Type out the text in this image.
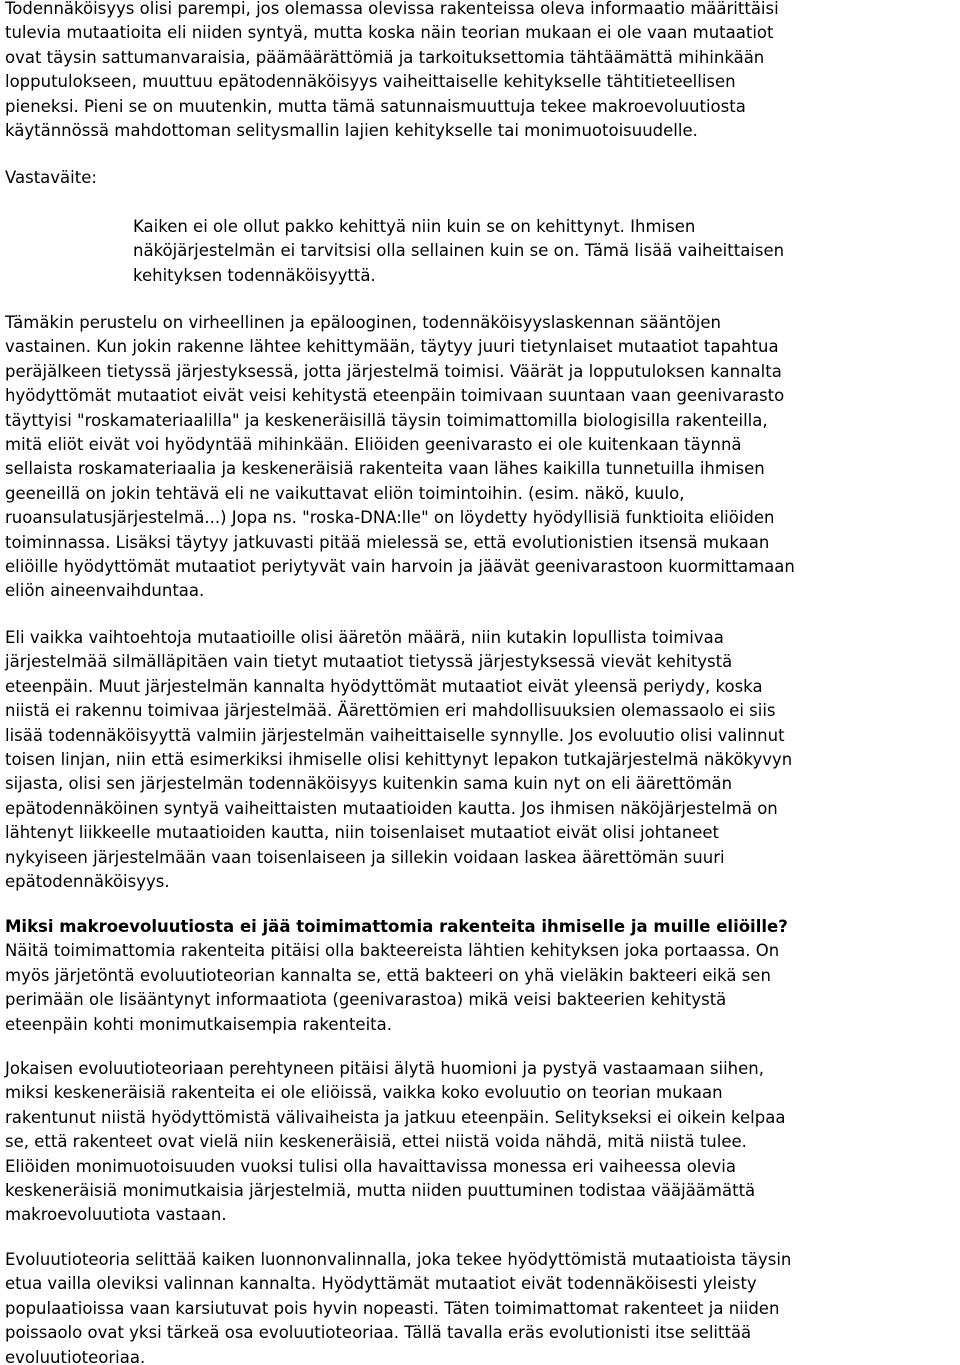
Todennäköisyys olisi parempi, jos olemassa olevissa rakenteissa oleva informaatio määrittäisi
tulevia mutaatioita eli niiden syntyä, mutta koska näin teorian mukaan ei ole vaan mutaatiot
ovat täysin sattumanvaraisia, päämäärättömiä ja tarkoituksettomia tähtäämättä mihinkään
lopputulokseen, muuttuu epätodennäköisyys vaiheittaiselle kehitykselle tähtitieteellisen
pieneksi. Pieni se on muutenkin, mutta tämä satunnaismuuttuja tekee makroevoluutiosta
käytännössä mahdottoman selitysmallin lajien kehitykselle tai monimuotoisuudelle.

Vastaväite:

Kaiken ei ole ollut pakko kehittyä niin kuin se on kehittynyt. Ihmisen
näköjärjestelmän ei tarvitsisi olla sellainen kuin se on. Tämä lisää vaiheittaisen
kehityksen todennäköisyyttä.

Tämäkin perustelu on virheellinen ja epälooginen, todennäköisyyslaskennan sääntöjen
vastainen. Kun jokin rakenne lähtee kehittymään, täytyy juuri tietynlaiset mutaatiot tapahtua
peräjälkeen tietyssä järjestyksessä, jotta järjestelmä toimisi. Väärät ja lopputuloksen kannalta
hyödyttömät mutaatiot eivät veisi kehitystä eteenpäin toimivaan suuntaan vaan geenivarasto
täyttyisi "roskamateriaalilla" ja keskeneräisillä täysin toimimattomilla biologisilla rakenteilla,
mitä eliöt eivät voi hyödyntää mihinkään. Eliöiden geenivarasto ei ole kuitenkaan täynnä
sellaista roskamateriaalia ja keskeneräisiä rakenteita vaan lähes kaikilla tunnetuilla ihmisen
geeneillä on jokin tehtävä eli ne vaikuttavat eliön toimintoihin. (esim. näkö, kuulo,
ruoansulatusjärjestelmä...) Jopa ns. "roska-DNA:lle" on löydetty hyödyllisiä funktioita eliöiden
toiminnassa. Lisäksi täytyy jatkuvasti pitää mielessä se, että evolutionistien itsensä mukaan
eliöille hyödyttömät mutaatiot periytyvät vain harvoin ja jäävät geenivarastoon kuormittamaan
eliön aineenvaihduntaa.

Eli vaikka vaihtoehtoja mutaatioille olisi ääretön määrä, niin kutakin lopullista toimivaa
järjestelmää silmälläpitäen vain tietyt mutaatiot tietyssä järjestyksessä vievät kehitystä
eteenpäin. Muut järjestelmän kannalta hyödyttömät mutaatiot eivät yleensä periydy, koska
niistä ei rakennu toimivaa järjestelmää. Äärettömien eri mahdollisuuksien olemassaolo ei siis
lisää todennäköisyyttä valmiin järjestelmän vaiheittaiselle synnylle. Jos evoluutio olisi valinnut
toisen linjan, niin että esimerkiksi ihmiselle olisi kehittynyt lepakon tutkajärjestelmä näkökyvyn
sijasta, olisi sen järjestelmän todennäköisyys kuitenkin sama kuin nyt on eli äärettömän
epätodennäköinen syntyä vaiheittaisten mutaatioiden kautta. Jos ihmisen näköjärjestelmä on
lähtenyt liikkeelle mutaatioiden kautta, niin toisenlaiset mutaatiot eivät olisi johtaneet
nykyiseen järjestelmään vaan toisenlaiseen ja sillekin voidaan laskea äärettömän suuri
epätodennäköisyys.

Miksi makroevoluutiosta ei jää toimimattomia rakenteita ihmiselle ja muille eliöille?
Näitä toimimattomia rakenteita pitäisi olla bakteereista lähtien kehityksen joka portaassa. On
myös järjetöntä evoluutioteorian kannalta se, että bakteeri on yhä vieläkin bakteeri eikä sen
perimään ole lisääntynyt informaatiota (geenivarastoa) mikä veisi bakteerien kehitystä
eteenpäin kohti monimutkaisempia rakenteita.

Jokaisen evoluutioteoriaan perehtyneen pitäisi älytä huomioni ja pystyä vastaamaan siihen,
miksi keskeneräisiä rakenteita ei ole eliöissä, vaikka koko evoluutio on teorian mukaan
rakentunut niistä hyödyttömistä välivaiheista ja jatkuu eteenpäin. Selitykseksi ei oikein kelpaa
se, että rakenteet ovat vielä niin keskeneräisiä, ettei niistä voida nähdä, mitä niistä tulee.
Eliöiden monimuotoisuuden vuoksi tulisi olla havaittavissa monessa eri vaiheessa olevia
keskeneräisiä monimutkaisia järjestelmiä, mutta niiden puuttuminen todistaa vääjäämättä
makroevoluutiota vastaan.

Evoluutioteoria selittää kaiken luonnonvalinnalla, joka tekee hyödyttömistä mutaatioista täysin
etua vailla oleviksi valinnan kannalta. Hyödyttämät mutaatiot eivät todennäköisesti yleisty
populaatioissa vaan karsiutuvat pois hyvin nopeasti. Täten toimimattomat rakenteet ja niiden
poissaolo ovat yksi tärkeä osa evoluutioteoriaa. Tällä tavalla eräs evolutionisti itse selittää
evoluutioteoriaa.
